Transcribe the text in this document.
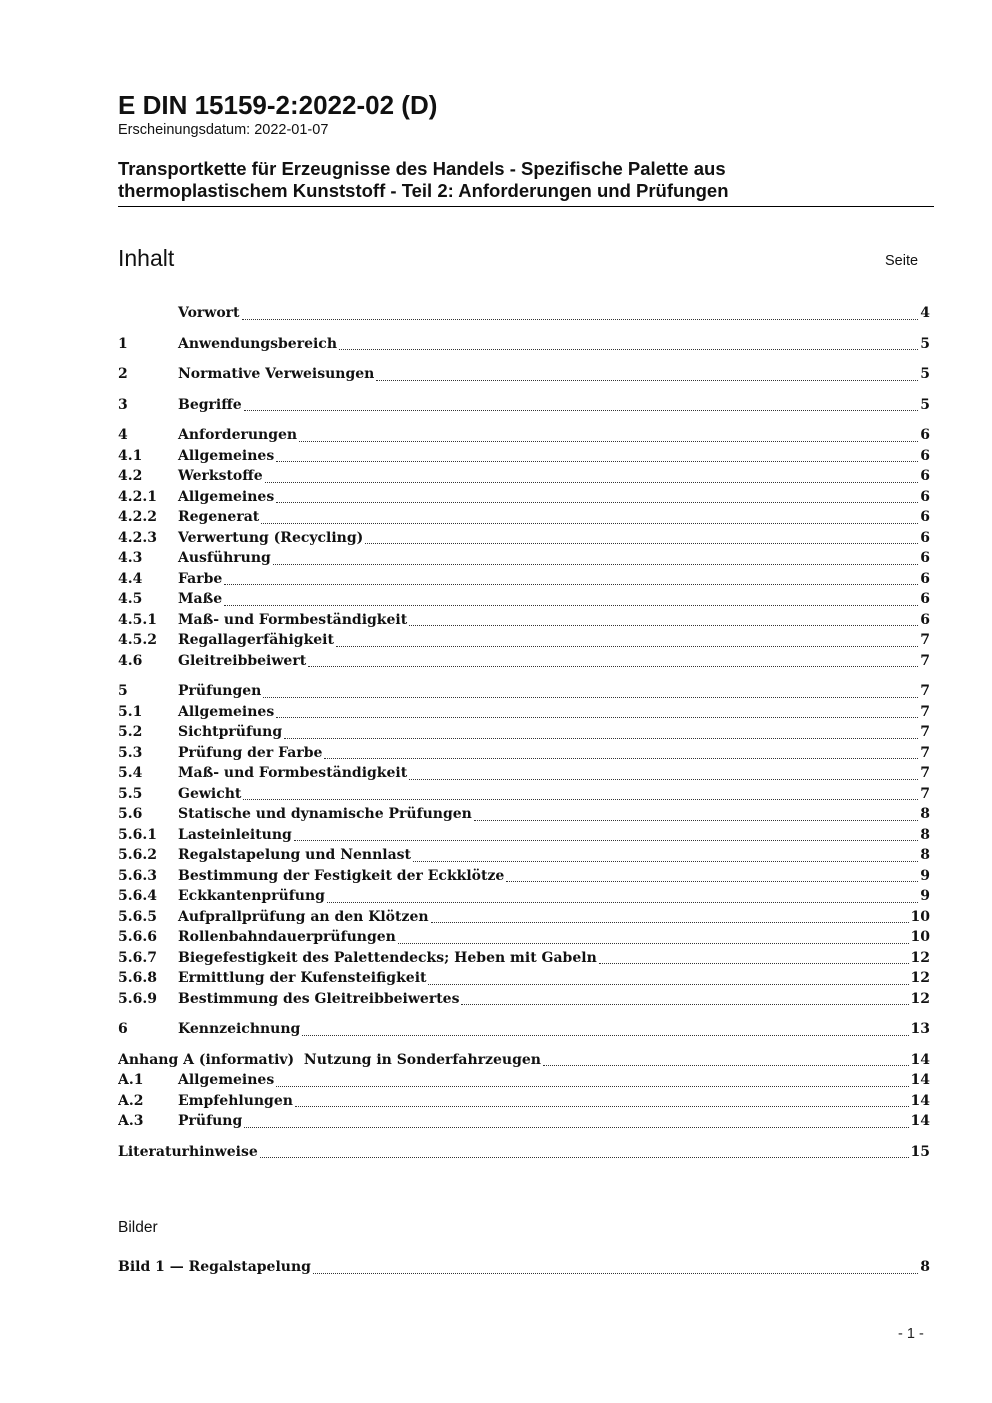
E DIN 15159-2:2022-02 (D)
Erscheinungsdatum: 2022-01-07
Transportkette für Erzeugnisse des Handels - Spezifische Palette aus
thermoplastischem Kunststoff - Teil 2: Anforderungen und Prüfungen
Inhalt	Seite
Vorwort	4
1	Anwendungsbereich	5
2	Normative Verweisungen	5
3	Begriffe	5
4	Anforderungen	6
4.1	Allgemeines	6
4.2	Werkstoffe	6
4.2.1	Allgemeines	6
4.2.2	Regenerat	6
4.2.3	Verwertung (Recycling)	6
4.3	Ausführung	6
4.4	Farbe	6
4.5	Maße	6
4.5.1	Maß- und Formbeständigkeit	6
4.5.2	Regallagerfähigkeit	7
4.6	Gleitreibbeiwert	7
5	Prüfungen	7
5.1	Allgemeines	7
5.2	Sichtprüfung	7
5.3	Prüfung der Farbe	7
5.4	Maß- und Formbeständigkeit	7
5.5	Gewicht	7
5.6	Statische und dynamische Prüfungen	8
5.6.1	Lasteinleitung	8
5.6.2	Regalstapelung und Nennlast	8
5.6.3	Bestimmung der Festigkeit der Eckklötze	9
5.6.4	Eckkantenprüfung	9
5.6.5	Aufprallprüfung an den Klötzen	10
5.6.6	Rollenbahndauerprüfungen	10
5.6.7	Biegefestigkeit des Palettendecks; Heben mit Gabeln	12
5.6.8	Ermittlung der Kufensteifigkeit	12
5.6.9	Bestimmung des Gleitreibbeiwertes	12
6	Kennzeichnung	13
Anhang A (informativ)  Nutzung in Sonderfahrzeugen	14
A.1	Allgemeines	14
A.2	Empfehlungen	14
A.3	Prüfung	14
Literaturhinweise	15
Bilder
Bild 1 — Regalstapelung	8
- 1 -
